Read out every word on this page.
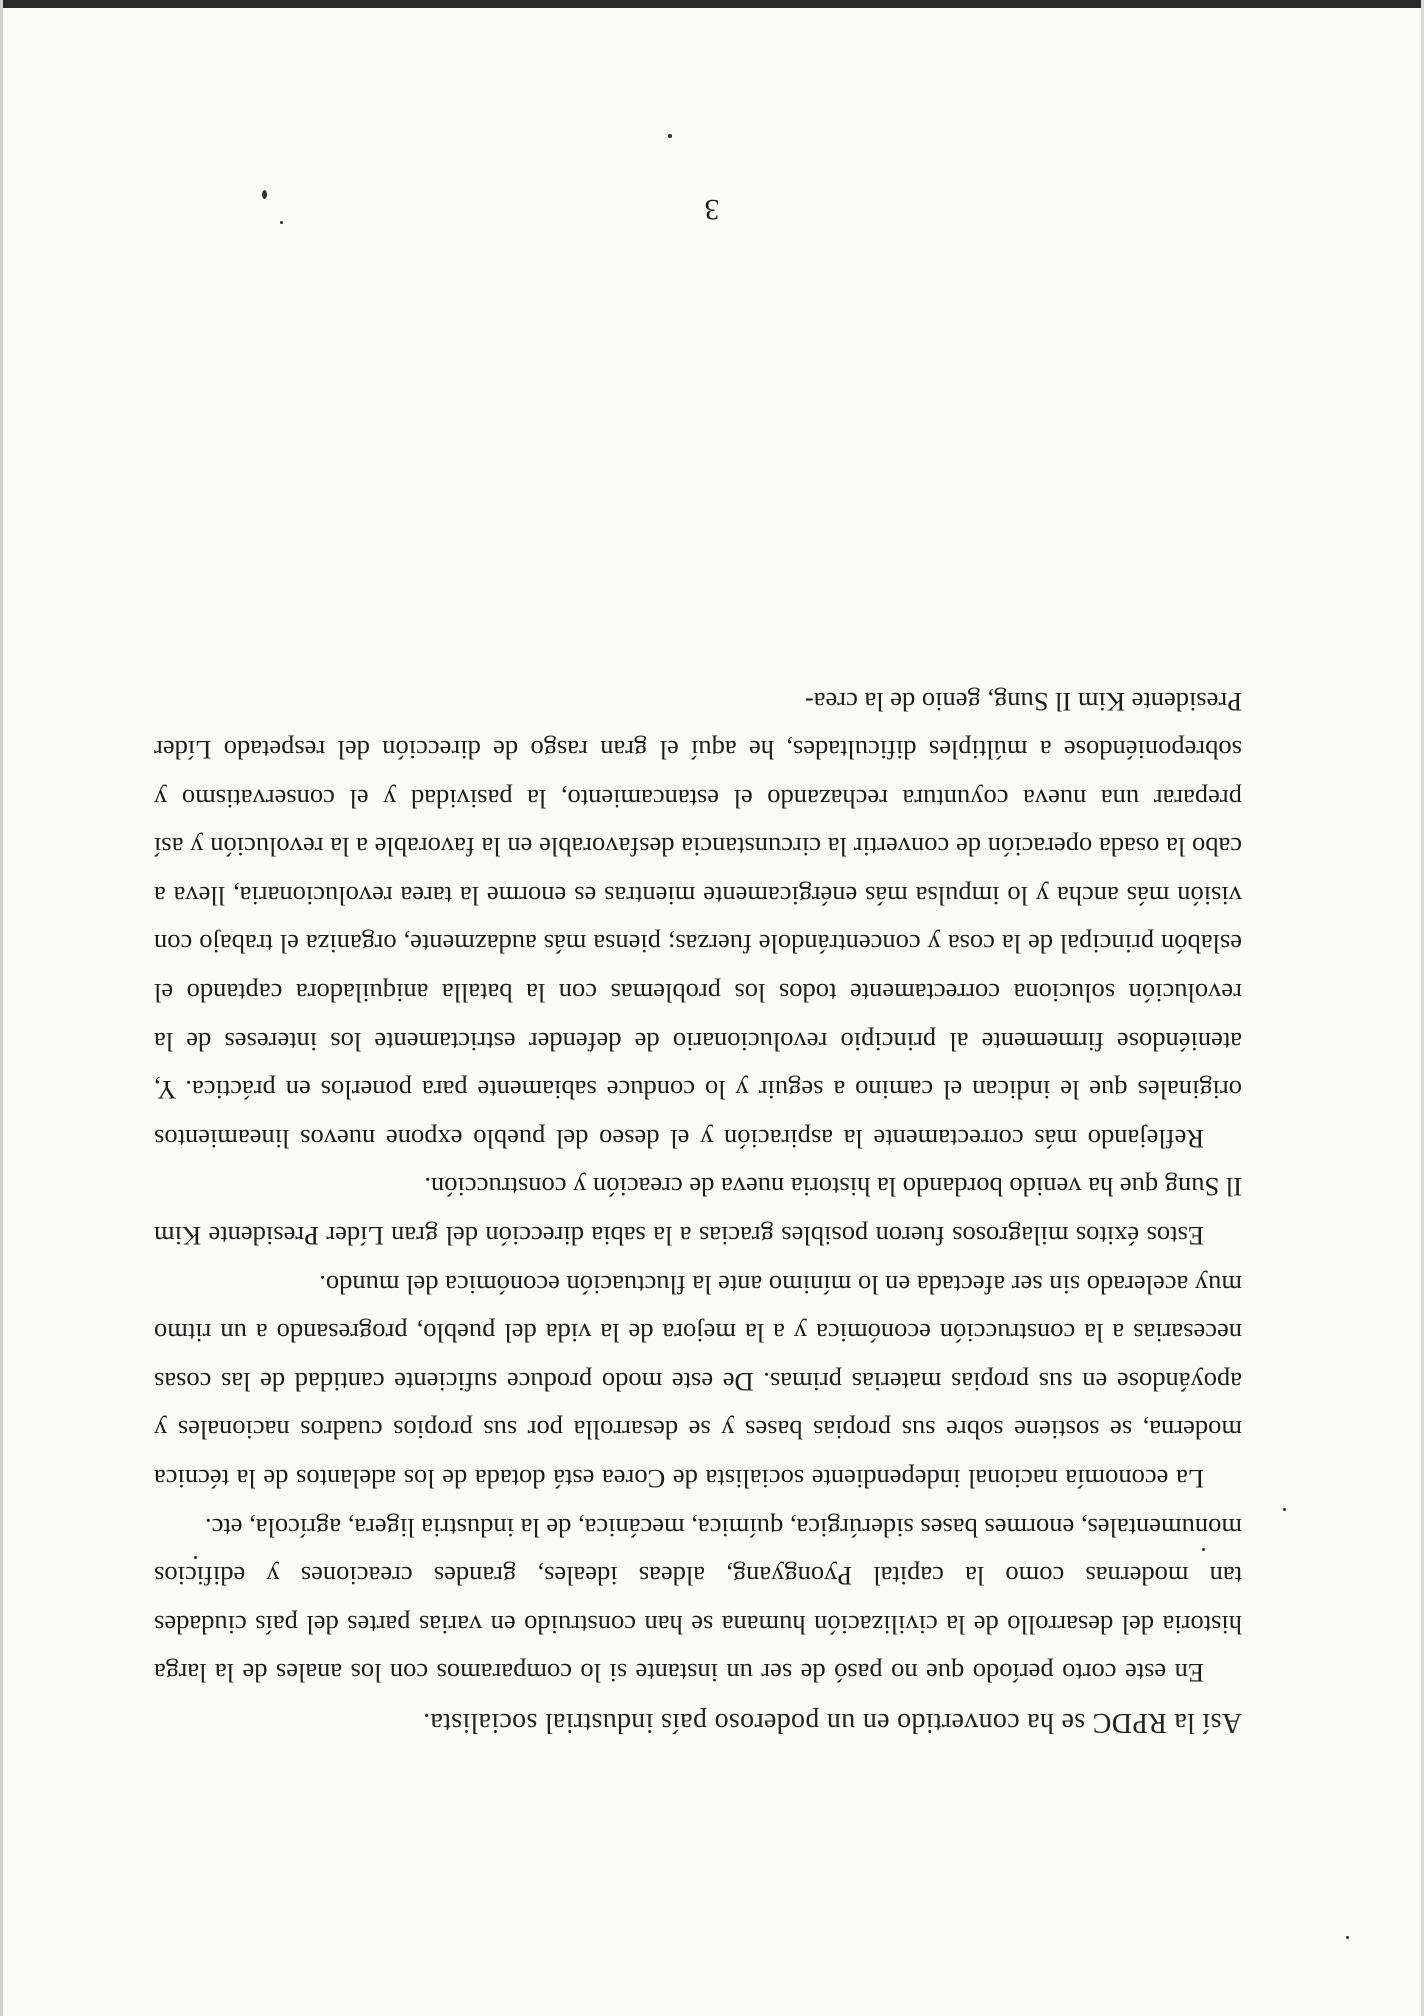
Así la RPDC se ha convertido en un poderoso país industrial socialista.

En este corto período que no pasó de ser un instante si lo comparamos con los anales de la larga historia del desarrollo de la civilización humana se han construido en varias partes del país ciudades tan modernas como la capital Pyongyang, aldeas ideales, grandes creaciones y edificios monumentales, enormes bases siderúrgica, química, mecánica, de la industria ligera, agrícola, etc.

La economía nacional independiente socialista de Corea está dotada de los adelantos de la técnica moderna, se sostiene sobre sus propias bases y se desarrolla por sus propios cuadros nacionales y apoyándose en sus propias materias primas. De este modo produce suficiente cantidad de las cosas necesarias a la construcción económica y a la mejora de la vida del pueblo, progresando a un ritmo muy acelerado sin ser afectada en lo mínimo ante la fluctuación económica del mundo.

Estos éxitos milagrosos fueron posibles gracias a la sabia dirección del gran Líder Presidente Kim Il Sung que ha venido bordando la historia nueva de creación y construcción.

Reflejando más correctamente la aspiración y el deseo del pueblo expone nuevos lineamientos originales que le indican el camino a seguir y lo conduce sabiamente para ponerlos en práctica. Y, ateniéndose firmemente al principio revolucionario de defender estrictamente los intereses de la revolución soluciona correctamente todos los problemas con la batalla aniquiladora captando el eslabón principal de la cosa y concentrándole fuerzas; piensa más audazmente, organiza el trabajo con visión más ancha y lo impulsa más enérgicamente mientras es enorme la tarea revolucionaria, lleva a cabo la osada operación de convertir la circunstancia desfavorable en la favorable a la revolución y así preparar una nueva coyuntura rechazando el estancamiento, la pasividad y el conservatismo y sobreponiéndose a múltiples dificultades, he aquí el gran rasgo de dirección del respetado Líder Presidente Kim Il Sung, genio de la crea-

3
